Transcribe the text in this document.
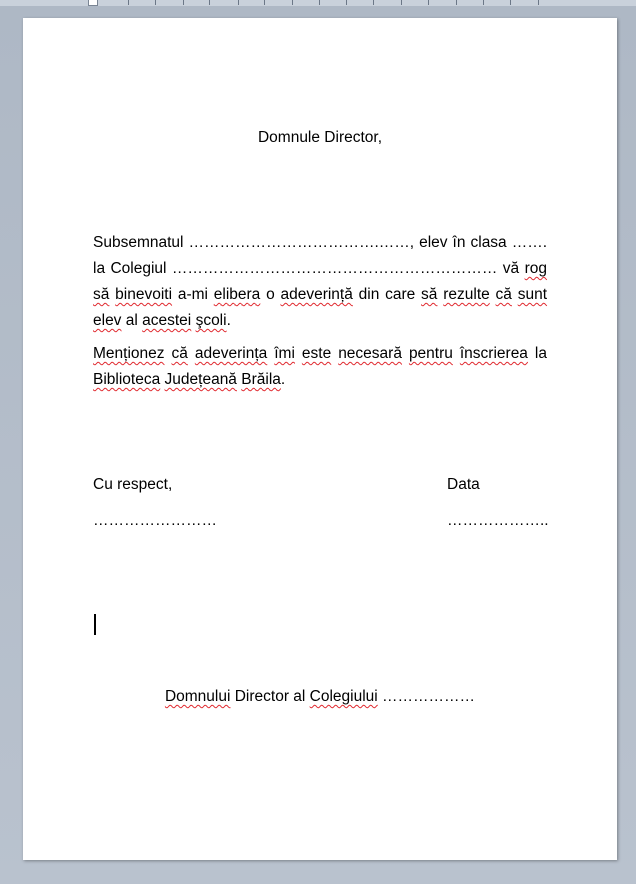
Domnule Director,
Subsemnatul ……………………………….……, elev în clasa ……. la Colegiul ……………………………………………………… vă rog să binevoiti a-mi elibera o adeverință din care să rezulte că sunt elev al acestei şcoli.
Menționez că adeverința îmi este necesară pentru înscrierea la Biblioteca Județeană Brăila.
Cu respect,	Data
……………………	………………..
Domnului Director al Colegiului ………………
